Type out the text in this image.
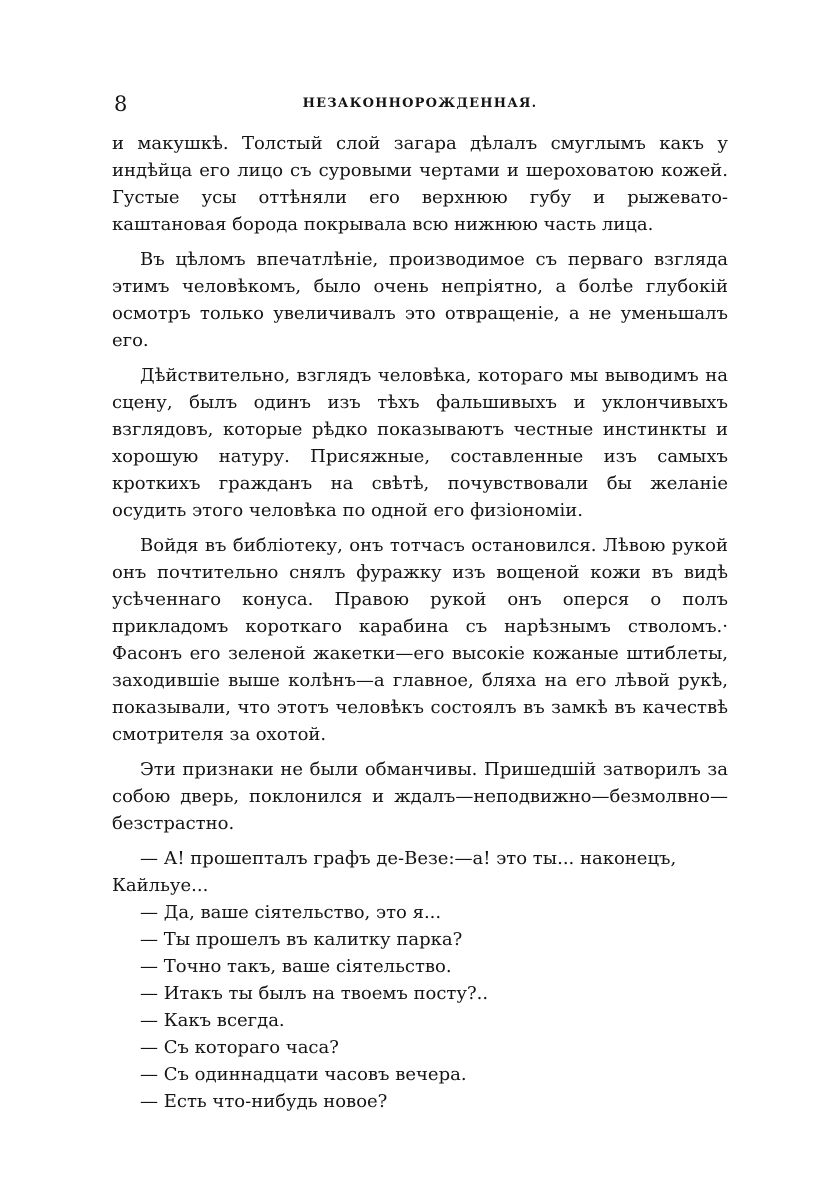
8	НЕЗАКОННОРОЖДЕННАЯ.

и макушкѣ. Толстый слой загара дѣлалъ смуглымъ какъ у индѣйца его лицо съ суровыми чертами и шероховатою кожей. Густые усы оттѣняли его верхнюю губу и рыжевато-каштановая борода покрывала всю нижнюю часть лица.

Въ цѣломъ впечатлѣніе, производимое съ перваго взгляда этимъ человѣкомъ, было очень непріятно, а болѣе глубокій осмотръ только увеличивалъ это отвращеніе, а не уменьшалъ его.

Дѣйствительно, взглядъ человѣка, котораго мы выводимъ на сцену, былъ одинъ изъ тѣхъ фальшивыхъ и уклончивыхъ взглядовъ, которые рѣдко показываютъ честные инстинкты и хорошую натуру. Присяжные, составленные изъ самыхъ кроткихъ гражданъ на свѣтѣ, почувствовали бы желаніе осудить этого человѣка по одной его физіономіи.

Войдя въ библіотеку, онъ тотчасъ остановился. Лѣвою рукой онъ почтительно снялъ фуражку изъ вощеной кожи въ видѣ усѣченнаго конуса. Правою рукой онъ оперся о полъ прикладомъ короткаго карабина съ нарѣзнымъ стволомъ.· Фасонъ его зеленой жакетки—его высокіе кожаные штиблеты, заходившіе выше колѣнъ—а главное, бляха на его лѣвой рукѣ, показывали, что этотъ человѣкъ состоялъ въ замкѣ въ качествѣ смотрителя за охотой.

Эти признаки не были обманчивы. Пришедшій затворилъ за собою дверь, поклонился и ждалъ—неподвижно—безмолвно—безстрастно.

— А! прошепталъ графъ де-Везе:—а! это ты... наконецъ, Кайльуе...

— Да, ваше сіятельство, это я...

— Ты прошелъ въ калитку парка?

— Точно такъ, ваше сіятельство.

— Итакъ ты былъ на твоемъ посту?..

— Какъ всегда.

— Съ котораго часа?

— Съ одиннадцати часовъ вечера.

— Есть что-нибудь новое?
